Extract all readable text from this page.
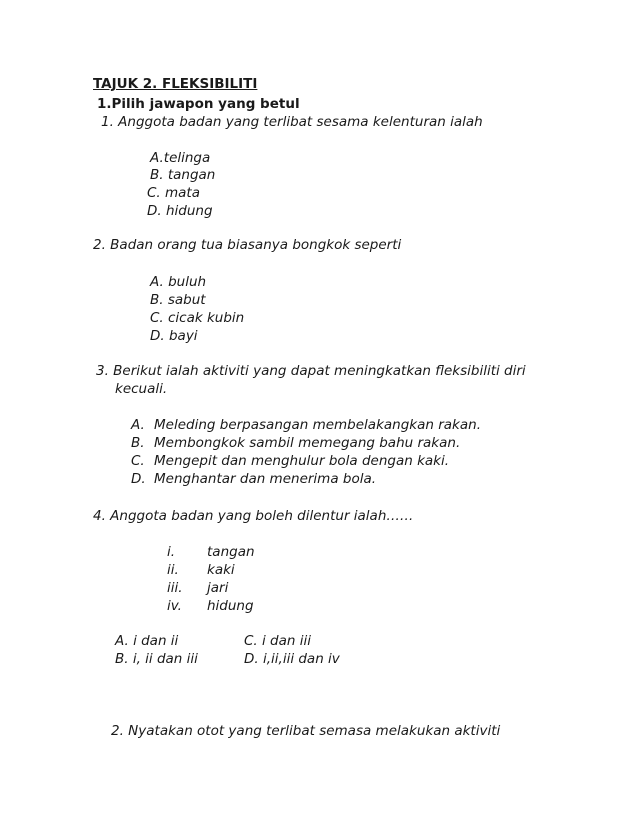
TAJUK 2. FLEKSIBILITI
1.Pilih jawapon yang betul
1. Anggota badan yang terlibat sesama kelenturan ialah
A.telinga
B. tangan
C. mata
D. hidung
2. Badan orang tua biasanya bongkok seperti
A. buluh
B. sabut
C. cicak kubin
D. bayi
3. Berikut ialah aktiviti yang dapat meningkatkan fleksibiliti diri
kecuali.
A. Meleding berpasangan membelakangkan rakan.
B. Membongkok sambil memegang bahu rakan.
C. Mengepit dan menghulur bola dengan kaki.
D. Menghantar dan menerima bola.
4. Anggota badan yang boleh dilentur ialah……
i. tangan
ii. kaki
iii. jari
iv. hidung
A. i dan ii	C. i dan iii
B. i, ii dan iii	D. i,ii,iii dan iv
2. Nyatakan otot yang terlibat semasa melakukan aktiviti
